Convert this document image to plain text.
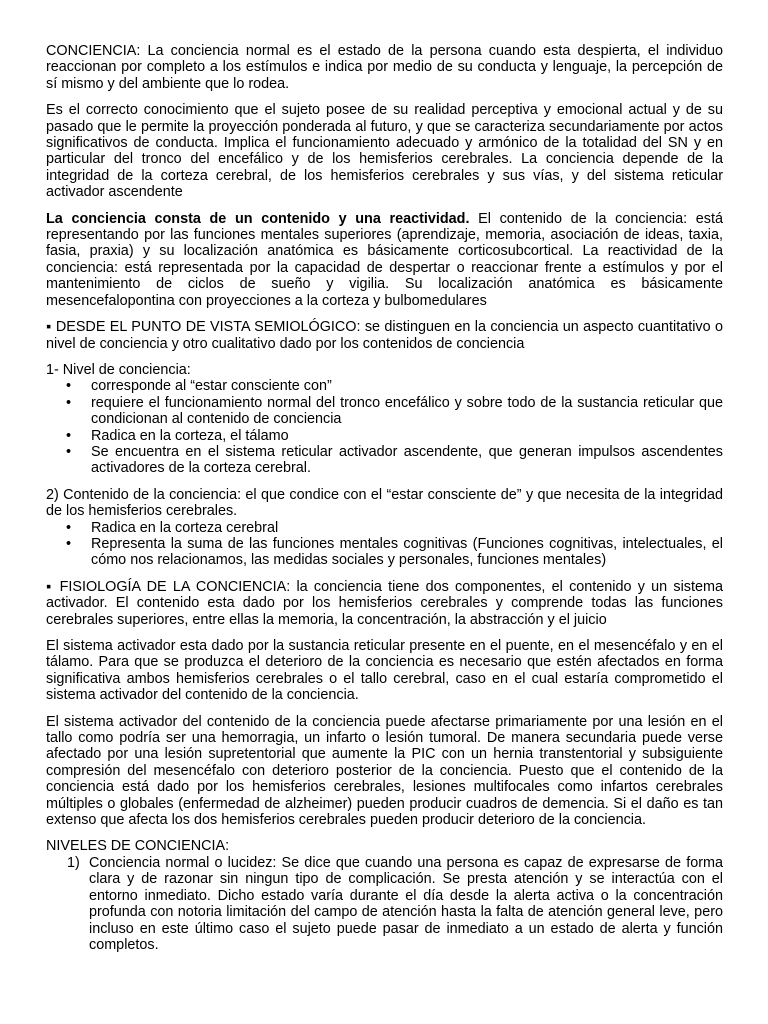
CONCIENCIA: La conciencia normal es el estado de la persona cuando esta despierta, el individuo reaccionan por completo a los estímulos e indica por medio de su conducta y lenguaje, la percepción de sí mismo y del ambiente que lo rodea.

Es el correcto conocimiento que el sujeto posee de su realidad perceptiva y emocional actual y de su pasado que le permite la proyección ponderada al futuro, y que se caracteriza secundariamente por actos significativos de conducta. Implica el funcionamiento adecuado y armónico de la totalidad del SN y en particular del tronco del encefálico y de los hemisferios cerebrales. La conciencia depende de la integridad de la corteza cerebral, de los hemisferios cerebrales y sus vías, y del sistema reticular activador ascendente

La conciencia consta de un contenido y una reactividad. El contenido de la conciencia: está representando por las funciones mentales superiores (aprendizaje, memoria, asociación de ideas, taxia, fasia, praxia) y su localización anatómica es básicamente corticosubcortical. La reactividad de la conciencia: está representada por la capacidad de despertar o reaccionar frente a estímulos y por el mantenimiento de ciclos de sueño y vigilia. Su localización anatómica es básicamente mesencefalopontina con proyecciones a la corteza y bulbomedulares

▪ DESDE EL PUNTO DE VISTA SEMIOLÓGICO: se distinguen en la conciencia un aspecto cuantitativo o nivel de conciencia y otro cualitativo dado por los contenidos de conciencia

1- Nivel de conciencia:

• corresponde al “estar consciente con”
• requiere el funcionamiento normal del tronco encefálico y sobre todo de la sustancia reticular que condicionan al contenido de conciencia
• Radica en la corteza, el tálamo
• Se encuentra en el sistema reticular activador ascendente, que generan impulsos ascendentes activadores de la corteza cerebral.

2) Contenido de la conciencia: el que condice con el “estar consciente de” y que necesita de la integridad de los hemisferios cerebrales.

• Radica en la corteza cerebral
• Representa la suma de las funciones mentales cognitivas (Funciones cognitivas, intelectuales, el cómo nos relacionamos, las medidas sociales y personales, funciones mentales)

▪ FISIOLOGÍA DE LA CONCIENCIA: la conciencia tiene dos componentes, el contenido y un sistema activador. El contenido esta dado por los hemisferios cerebrales y comprende todas las funciones cerebrales superiores, entre ellas la memoria, la concentración, la abstracción y el juicio

El sistema activador esta dado por la sustancia reticular presente en el puente, en el mesencéfalo y en el tálamo. Para que se produzca el deterioro de la conciencia es necesario que estén afectados en forma significativa ambos hemisferios cerebrales o el tallo cerebral, caso en el cual estaría comprometido el sistema activador del contenido de la conciencia.

El sistema activador del contenido de la conciencia puede afectarse primariamente por una lesión en el tallo como podría ser una hemorragia, un infarto o lesión tumoral. De manera secundaria puede verse afectado por una lesión supretentorial que aumente la PIC con un hernia transtentorial y subsiguiente compresión del mesencéfalo con deterioro posterior de la conciencia. Puesto que el contenido de la conciencia está dado por los hemisferios cerebrales, lesiones multifocales como infartos cerebrales múltiples o globales (enfermedad de alzheimer) pueden producir cuadros de demencia. Si el daño es tan extenso que afecta los dos hemisferios cerebrales pueden producir deterioro de la conciencia.

NIVELES DE CONCIENCIA:

1) Conciencia normal o lucidez: Se dice que cuando una persona es capaz de expresarse de forma clara y de razonar sin ningun tipo de complicación. Se presta atención y se interactúa con el entorno inmediato. Dicho estado varía durante el día desde la alerta activa o la concentración profunda con notoria limitación del campo de atención hasta la falta de atención general leve, pero incluso en este último caso el sujeto puede pasar de inmediato a un estado de alerta y función completos.
